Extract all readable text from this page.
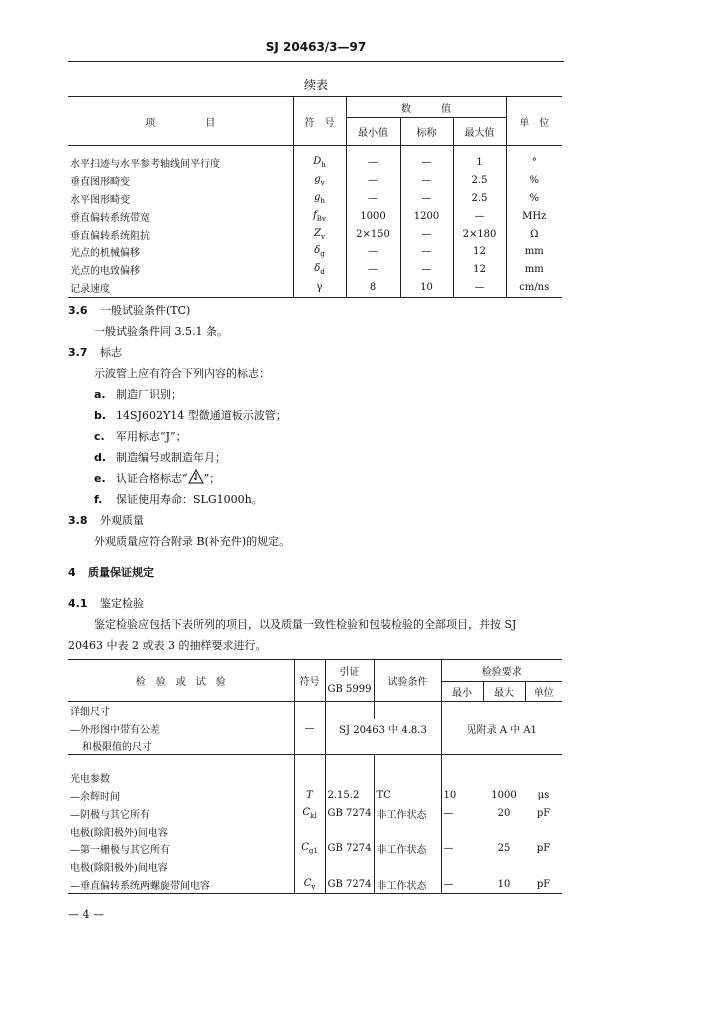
SJ 20463/3—97
续表
项　　　　　目	符　号	数　　　值			单　位
		最小值	标称	最大值	

水平扫迹与水平参考轴线间平行度	$D_h$	—	—	1	°
垂直图形畸变	$g_v$	—	—	2.5	%
水平图形畸变	$g_h$	—	—	2.5	%
垂直偏转系统带宽	$f_{Bv}$	1000	1200	—	MHz
垂直偏转系统阻抗	$Z_v$	2×150	—	2×180	Ω
光点的机械偏移	$\delta_g$	—	—	12	mm
光点的电致偏移	$\delta_d$	—	—	12	mm
记录速度	γ	8	10	—	cm/ns
3.6 一般试验条件(TC)
一般试验条件同 3.5.1 条。
3.7 标志
示波管上应有符合下列内容的标志：
a. 制造厂识别；
b. 14SJ602Y14 型微通道板示波管；
c. 军用标志“J”；
d. 制造编号或制造年月；
e. 认证合格标志“ ”；
f. 保证使用寿命：SLG1000h。
3.8 外观质量
外观质量应符合附录 B(补充件)的规定。
4 质量保证规定
4.1 鉴定检验
鉴定检验应包括下表所列的项目，以及质量一致性检验和包装检验的全部项目，并按 SJ
20463 中表 2 或表 3 的抽样要求进行。
检　验　或　试　验	符号	引证
GB 5999	试验条件	检验要求		
				最小	最大	单位
详细尺寸						
—外形图中带有公差	—	SJ 20463 中 4.8.3		见附录 A 中 A1		
和极限值的尺寸						

光电参数						
—余辉时间	T	2.15.2	TC	10	1000	μs
—阴极与其它所有	$C_{kl}$	GB 7274	非工作状态	—	20	pF
电极(除阳极外)间电容						
—第一栅极与其它所有	$C_{g1}$	GB 7274	非工作状态	—	25	pF
电极(除阳极外)间电容						
—垂直偏转系统两螺旋带间电容	$C_v$	GB 7274	非工作状态	—	10	pF
— 4 —
